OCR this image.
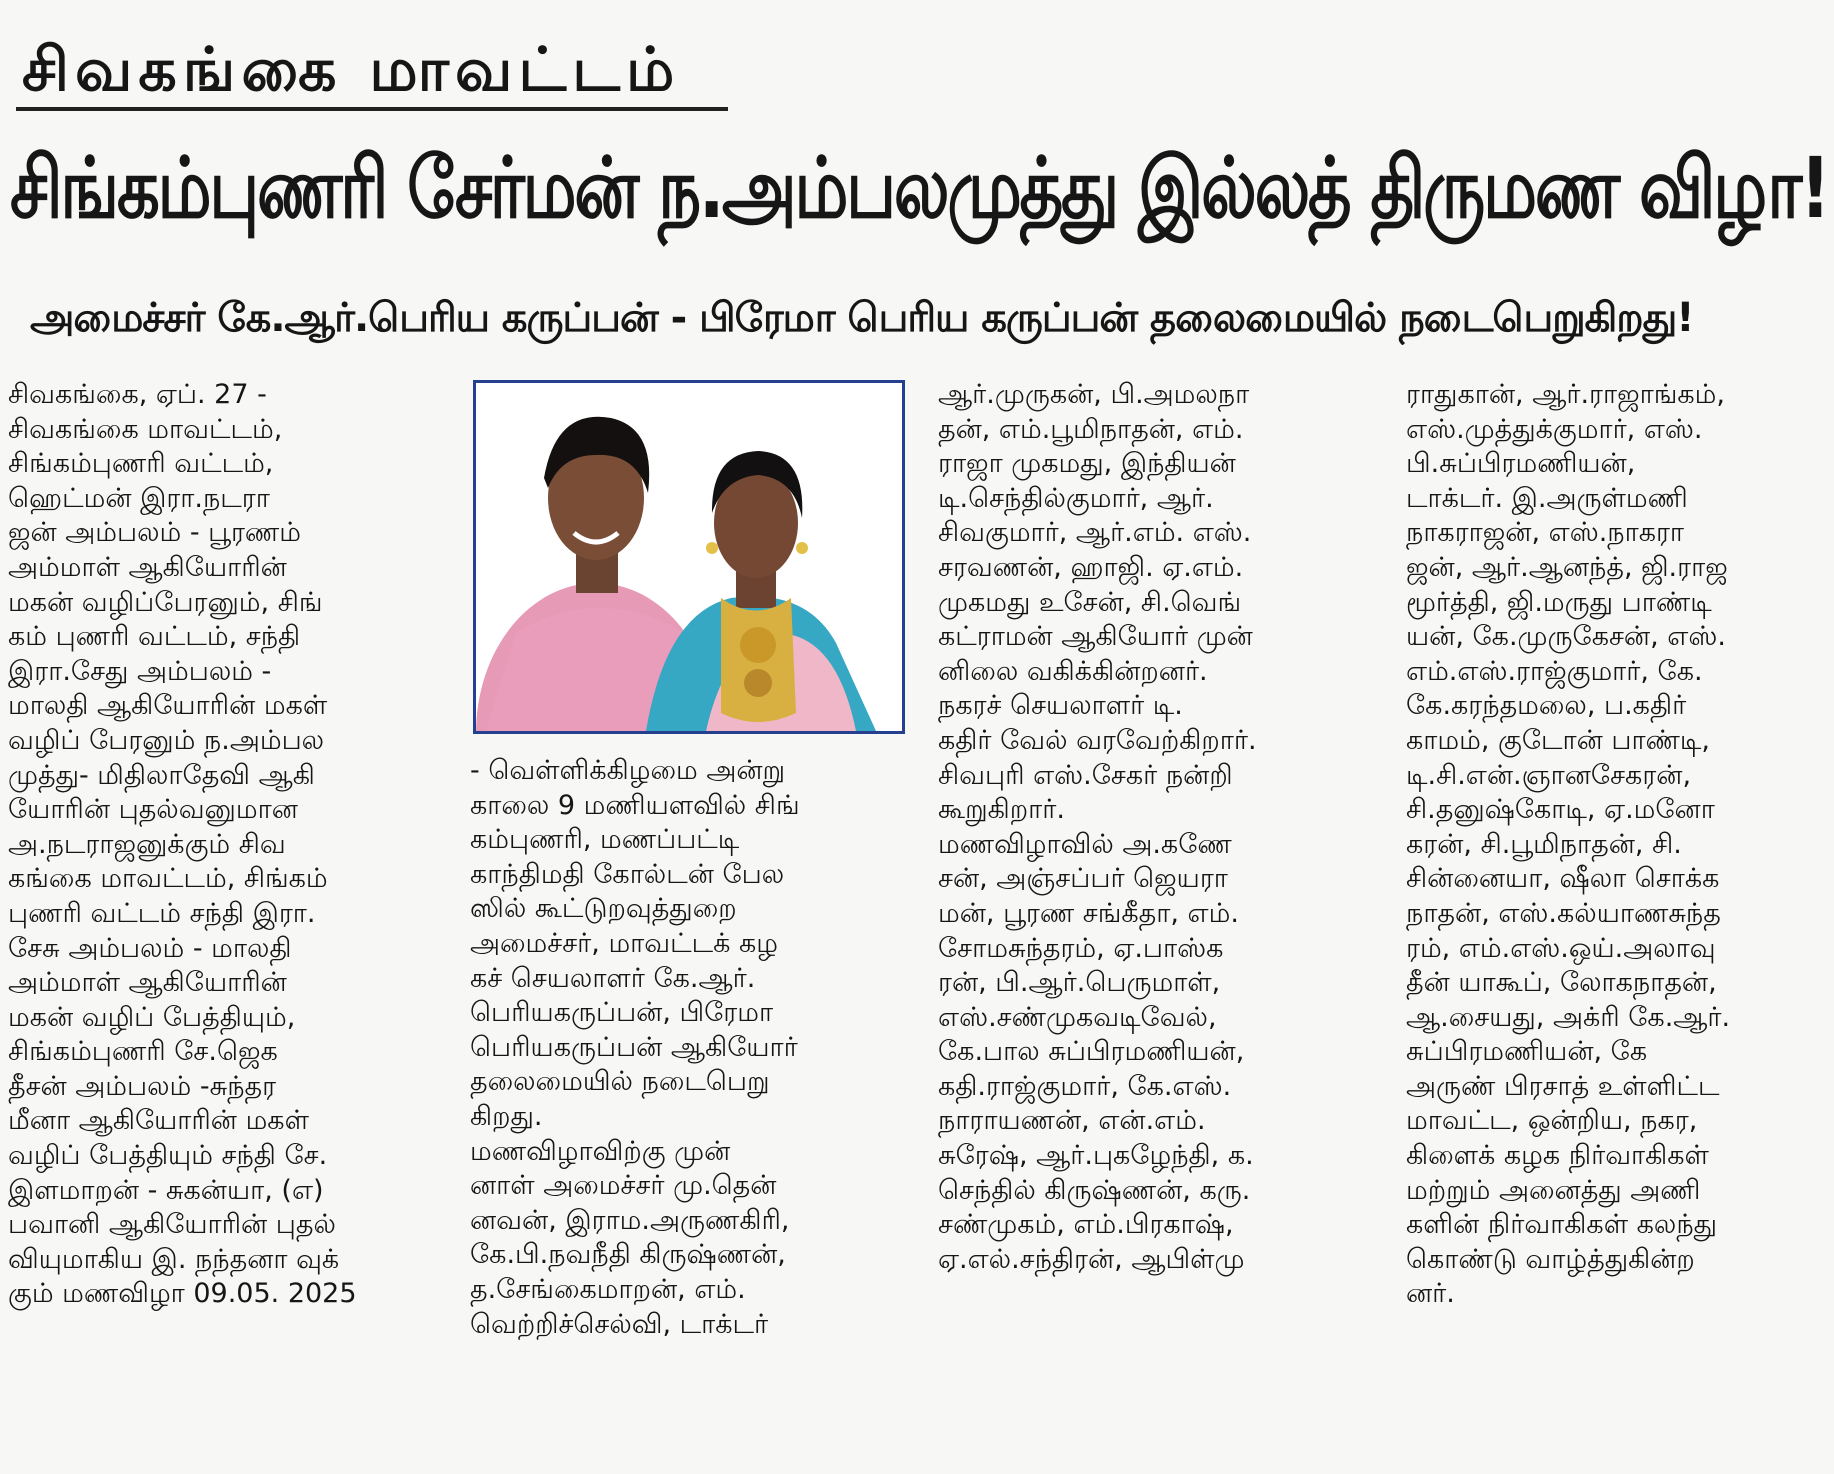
சிவகங்கை மாவட்டம்
சிங்கம்புணரி சேர்மன் ந.அம்பலமுத்து இல்லத் திருமண விழா!
அமைச்சர் கே.ஆர்.பெரிய கருப்பன் - பிரேமா பெரிய கருப்பன் தலைமையில் நடைபெறுகிறது!

சிவகங்கை, ஏப். 27 -

சிவகங்கை மாவட்டம்,

சிங்கம்புணரி வட்டம்,

ஹெட்மன் இரா.நடரா

ஜன் அம்பலம் - பூரணம்

அம்மாள் ஆகியோரின்

மகன் வழிப்பேரனும், சிங்

கம் புணரி வட்டம், சந்தி

இரா.சேது அம்பலம் -

மாலதி ஆகியோரின் மகள்

வழிப் பேரனும் ந.அம்பல

முத்து- மிதிலாதேவி ஆகி

யோரின் புதல்வனுமான

அ.நடராஜனுக்கும் சிவ

கங்கை மாவட்டம், சிங்கம்

புணரி வட்டம் சந்தி இரா.

சேசு அம்பலம் - மாலதி

அம்மாள் ஆகியோரின்

மகன் வழிப் பேத்தியும்,

சிங்கம்புணரி சே.ஜெக

தீசன் அம்பலம் -சுந்தர

மீனா ஆகியோரின் மகள்

வழிப் பேத்தியும் சந்தி சே.

இளமாறன் - சுகன்யா, (எ)

பவானி ஆகியோரின் புதல்

வியுமாகிய இ. நந்தனா வுக்

கும் மணவிழா 09.05. 2025

- வெள்ளிக்கிழமை அன்று

காலை 9 மணியளவில் சிங்

கம்புணரி, மணப்பட்டி

காந்திமதி கோல்டன் பேல

ஸில் கூட்டுறவுத்துறை

அமைச்சர், மாவட்டக் கழ

கச் செயலாளர் கே.ஆர்.

பெரியகருப்பன், பிரேமா

பெரியகருப்பன் ஆகியோர்

தலைமையில் நடைபெறு

கிறது.

மணவிழாவிற்கு முன்

னாள் அமைச்சர் மு.தென்

னவன், இராம.அருணகிரி,

கே.பி.நவநீதி கிருஷ்ணன்,

த.சேங்கைமாறன், எம்.

வெற்றிச்செல்வி, டாக்டர்

ஆர்.முருகன், பி.அமலநா

தன், எம்.பூமிநாதன், எம்.

ராஜா முகமது, இந்தியன்

டி.செந்தில்குமார், ஆர்.

சிவகுமார், ஆர்.எம். எஸ்.

சரவணன், ஹாஜி. ஏ.எம்.

முகமது உசேன், சி.வெங்

கட்ராமன் ஆகியோர் முன்

னிலை வகிக்கின்றனர்.

நகரச் செயலாளர் டி.

கதிர் வேல் வரவேற்கிறார்.

சிவபுரி எஸ்.சேகர் நன்றி

கூறுகிறார்.

மணவிழாவில் அ.கணே

சன், அஞ்சப்பர் ஜெயரா

மன், பூரண சங்கீதா, எம்.

சோமசுந்தரம், ஏ.பாஸ்க

ரன், பி.ஆர்.பெருமாள்,

எஸ்.சண்முகவடிவேல்,

கே.பால சுப்பிரமணியன்,

கதி.ராஜ்குமார், கே.எஸ்.

நாராயணன், என்.எம்.

சுரேஷ், ஆர்.புகழேந்தி, க.

செந்தில் கிருஷ்ணன், கரு.

சண்முகம், எம்.பிரகாஷ்,

ஏ.எல்.சந்திரன், ஆபிள்மு

ராதுகான், ஆர்.ராஜாங்கம்,

எஸ்.முத்துக்குமார், எஸ்.

பி.சுப்பிரமணியன்,

டாக்டர். இ.அருள்மணி

நாகராஜன், எஸ்.நாகரா

ஜன், ஆர்.ஆனந்த், ஜி.ராஜ

மூர்த்தி, ஜி.மருது பாண்டி

யன், கே.முருகேசன், எஸ்.

எம்.எஸ்.ராஜ்குமார், கே.

கே.கரந்தமலை, ப.கதிர்

காமம், குடோன் பாண்டி,

டி.சி.என்.ஞானசேகரன்,

சி.தனுஷ்கோடி, ஏ.மனோ

கரன், சி.பூமிநாதன், சி.

சின்னையா, ஷீலா சொக்க

நாதன், எஸ்.கல்யாணசுந்த

ரம், எம்.எஸ்.ஒய்.அலாவு

தீன் யாகூப், லோகநாதன்,

ஆ.சையது, அக்ரி கே.ஆர்.

சுப்பிரமணியன், கே

அருண் பிரசாத் உள்ளிட்ட

மாவட்ட, ஒன்றிய, நகர,

கிளைக் கழக நிர்வாகிகள்

மற்றும் அனைத்து அணி

களின் நிர்வாகிகள் கலந்து

கொண்டு வாழ்த்துகின்ற

னர்.
